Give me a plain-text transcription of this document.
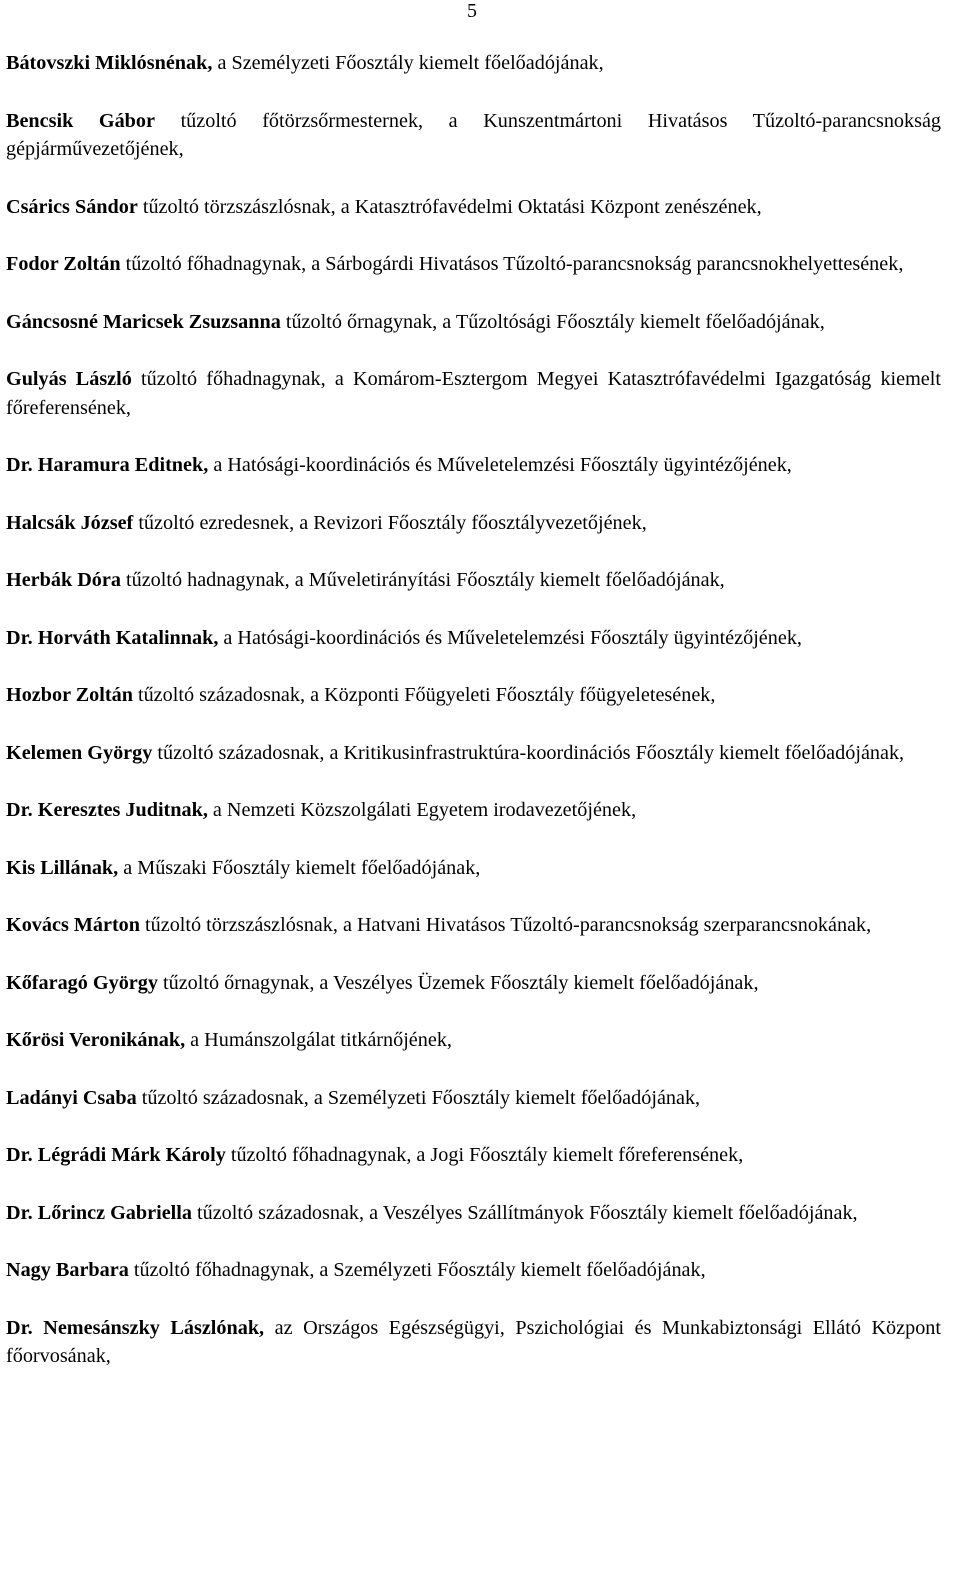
5

Bátovszki Miklósnénak, a Személyzeti Főosztály kiemelt főelőadójának,

Bencsik Gábor tűzoltó főtörzsőrmesternek, a Kunszentmártoni Hivatásos Tűzoltó-parancsnokság gépjárművezetőjének,

Csárics Sándor tűzoltó törzszászlósnak, a Katasztrófavédelmi Oktatási Központ zenészének,

Fodor Zoltán tűzoltó főhadnagynak, a Sárbogárdi Hivatásos Tűzoltó-parancsnokság parancsnokhelyettesének,

Gáncsosné Maricsek Zsuzsanna tűzoltó őrnagynak, a Tűzoltósági Főosztály kiemelt főelőadójának,

Gulyás László tűzoltó főhadnagynak, a Komárom-Esztergom Megyei Katasztrófavédelmi Igazgatóság kiemelt főreferensének,

Dr. Haramura Editnek, a Hatósági-koordinációs és Műveletelemzési Főosztály ügyintézőjének,

Halcsák József tűzoltó ezredesnek, a Revizori Főosztály főosztályvezetőjének,

Herbák Dóra tűzoltó hadnagynak, a Műveletirányítási Főosztály kiemelt főelőadójának,

Dr. Horváth Katalinnak, a Hatósági-koordinációs és Műveletelemzési Főosztály ügyintézőjének,

Hozbor Zoltán tűzoltó századosnak, a Központi Főügyeleti Főosztály főügyeletesének,

Kelemen György tűzoltó századosnak, a Kritikusinfrastruktúra-koordinációs Főosztály kiemelt főelőadójának,

Dr. Keresztes Juditnak, a Nemzeti Közszolgálati Egyetem irodavezetőjének,

Kis Lillának, a Műszaki Főosztály kiemelt főelőadójának,

Kovács Márton tűzoltó törzszászlósnak, a Hatvani Hivatásos Tűzoltó-parancsnokság szerparancsnokának,

Kőfaragó György tűzoltó őrnagynak, a Veszélyes Üzemek Főosztály kiemelt főelőadójának,

Kőrösi Veronikának, a Humánszolgálat titkárnőjének,

Ladányi Csaba tűzoltó századosnak, a Személyzeti Főosztály kiemelt főelőadójának,

Dr. Légrádi Márk Károly tűzoltó főhadnagynak, a Jogi Főosztály kiemelt főreferensének,

Dr. Lőrincz Gabriella tűzoltó századosnak, a Veszélyes Szállítmányok Főosztály kiemelt főelőadójának,

Nagy Barbara tűzoltó főhadnagynak, a Személyzeti Főosztály kiemelt főelőadójának,

Dr. Nemesánszky Lászlónak, az Országos Egészségügyi, Pszichológiai és Munkabiztonsági Ellátó Központ főorvosának,
